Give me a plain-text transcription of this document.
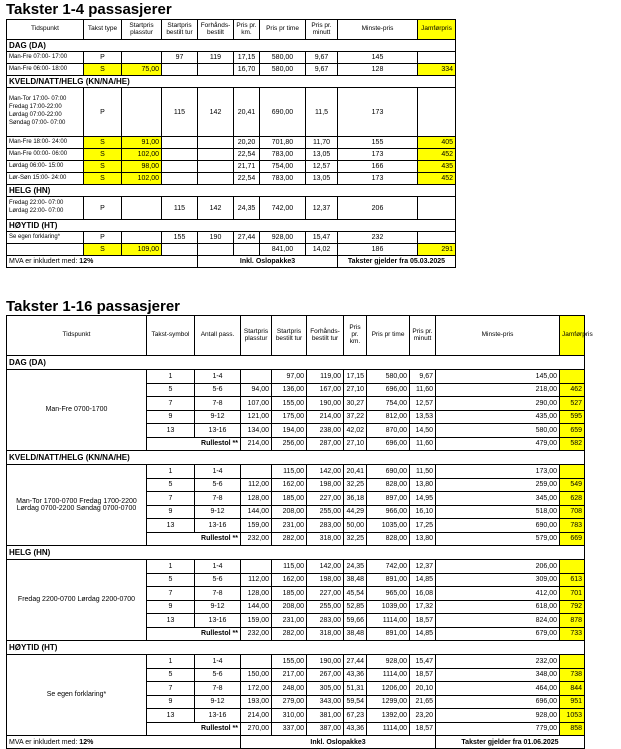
Takster 1-4 passasjerer
Tidspunkt	Takst type	Startpris plasstur	Startpris bestilt tur	Forhånds-bestilt	Pris pr. km.	Pris pr time	Pris pr. minutt	Minste-pris	Jamførpris
DAG (DA)									
Man-Fre 07:00- 17:00	P		97	119	17,15	580,00	9,67	145	
Man-Fre 06:00- 18:00	S	75,00			16,70	580,00	9,67	128	334
KVELD/NATT/HELG (KN/NA/HE)									

Man-Tor 17:00- 07:00
Fredag 17:00-22:00
Lørdag 07:00-22:00
Søndag 07:00- 07:00	P		115	142	20,41	690,00	11,5	173	
Man-Fre 18:00- 24:00	S	91,00			20,20	701,80	11,70	155	405
Man-Fre 00:00- 06:00	S	102,00			22,54	783,00	13,05	173	452
Lørdag 06:00- 15:00	S	98,00			21,71	754,00	12,57	166	435
Lør-Søn 15:00- 24:00	S	102,00			22,54	783,00	13,05	173	452
HELG (HN)									

Fredag 22:00- 07:00
Lørdag 22:00- 07:00	P		115	142	24,35	742,00	12,37	206	
HØYTID (HT)									
Se egen forklaring*	P		155	190	27,44	928,00	15,47	232	
	S	109,00				841,00	14,02	186	291
MVA er inkludert med: 12%				Inkl. Oslopakke3				Takster gjelder fra 05.03.2025	
Takster 1-16 passasjerer
Tidspunkt	Takst-symbol	Antall pass.	Startpris plasstur	Startpris bestilt tur	Forhånds-bestilt tur	Pris pr. km.	Pris pr time	Pris pr. minutt	Minste-pris	Jamførpris
DAG (DA)										
Man-Fre 0700-1700	1	1-4		97,00	119,00	17,15	580,00	9,67	145,00	
	5	5-6	94,00	136,00	167,00	27,10	696,00	11,60	218,00	462
	7	7-8	107,00	155,00	190,00	30,27	754,00	12,57	290,00	527
	9	9-12	121,00	175,00	214,00	37,22	812,00	13,53	435,00	595
	13	13-16	134,00	194,00	238,00	42,02	870,00	14,50	580,00	659
	Rullestol **		214,00	256,00	287,00	27,10	696,00	11,60	479,00	582
KVELD/NATT/HELG (KN/NA/HE)										
Man-Tor 1700-0700 Fredag 1700-2200 Lørdag 0700-2200 Søndag 0700-0700	1	1-4		115,00	142,00	20,41	690,00	11,50	173,00	
	5	5-6	112,00	162,00	198,00	32,25	828,00	13,80	259,00	549
	7	7-8	128,00	185,00	227,00	36,18	897,00	14,95	345,00	628
	9	9-12	144,00	208,00	255,00	44,29	966,00	16,10	518,00	708
	13	13-16	159,00	231,00	283,00	50,00	1035,00	17,25	690,00	783
	Rullestol **		232,00	282,00	318,00	32,25	828,00	13,80	579,00	669
HELG (HN)										
Fredag 2200-0700 Lørdag 2200-0700	1	1-4		115,00	142,00	24,35	742,00	12,37	206,00	
	5	5-6	112,00	162,00	198,00	38,48	891,00	14,85	309,00	613
	7	7-8	128,00	185,00	227,00	45,54	965,00	16,08	412,00	701
	9	9-12	144,00	208,00	255,00	52,85	1039,00	17,32	618,00	792
	13	13-16	159,00	231,00	283,00	59,66	1114,00	18,57	824,00	878
	Rullestol **		232,00	282,00	318,00	38,48	891,00	14,85	679,00	733
HØYTID (HT)										
Se egen forklaring*	1	1-4		155,00	190,00	27,44	928,00	15,47	232,00	
	5	5-6	150,00	217,00	267,00	43,36	1114,00	18,57	348,00	738
	7	7-8	172,00	248,00	305,00	51,31	1206,00	20,10	464,00	844
	9	9-12	193,00	279,00	343,00	59,54	1299,00	21,65	696,00	951
	13	13-16	214,00	310,00	381,00	67,23	1392,00	23,20	928,00	1053
	Rullestol **		270,00	337,00	387,00	43,36	1114,00	18,57	779,00	858
MVA er inkludert med: 12%			Inkl. Oslopakke3						Takster gjelder fra 01.06.2025	
